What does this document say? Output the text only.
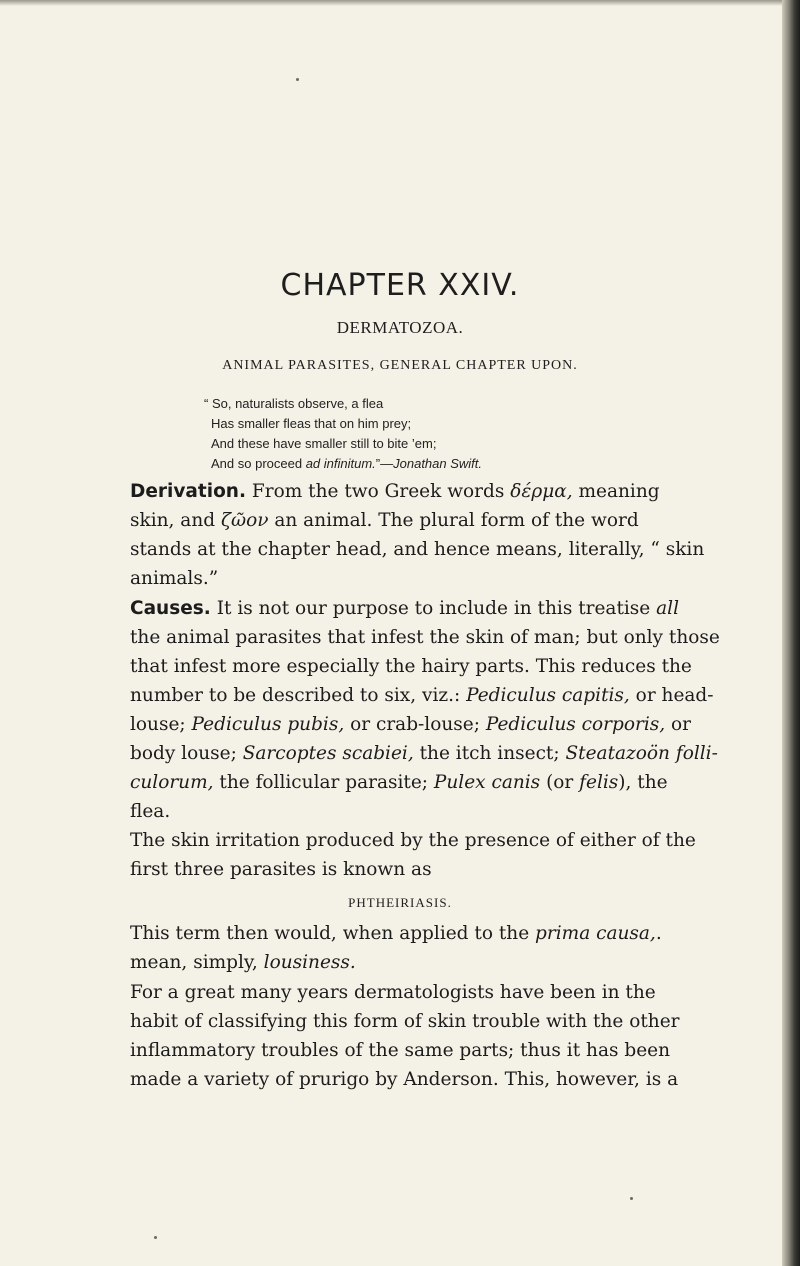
CHAPTER XXIV.
DERMATOZOA.
ANIMAL PARASITES, GENERAL CHAPTER UPON.
“ So, naturalists observe, a flea
Has smaller fleas that on him prey;
And these have smaller still to bite ’em;
And so proceed ad infinitum.”—Jonathan Swift.
Derivation. From the two Greek words δέρμα, meaning
skin, and ζῶον an animal. The plural form of the word
stands at the chapter head, and hence means, literally, “ skin
animals.”
Causes. It is not our purpose to include in this treatise all
the animal parasites that infest the skin of man; but only those
that infest more especially the hairy parts. This reduces the
number to be described to six, viz.: Pediculus capitis, or head-
louse; Pediculus pubis, or crab-louse; Pediculus corporis, or
body louse; Sarcoptes scabiei, the itch insect; Steatazoön folli-
culorum, the follicular parasite; Pulex canis (or felis), the
flea.
The skin irritation produced by the presence of either of the
first three parasites is known as
PHTHEIRIASIS.
This term then would, when applied to the prima causa,.
mean, simply, lousiness.
For a great many years dermatologists have been in the
habit of classifying this form of skin trouble with the other
inflammatory troubles of the same parts; thus it has been
made a variety of prurigo by Anderson. This, however, is a
